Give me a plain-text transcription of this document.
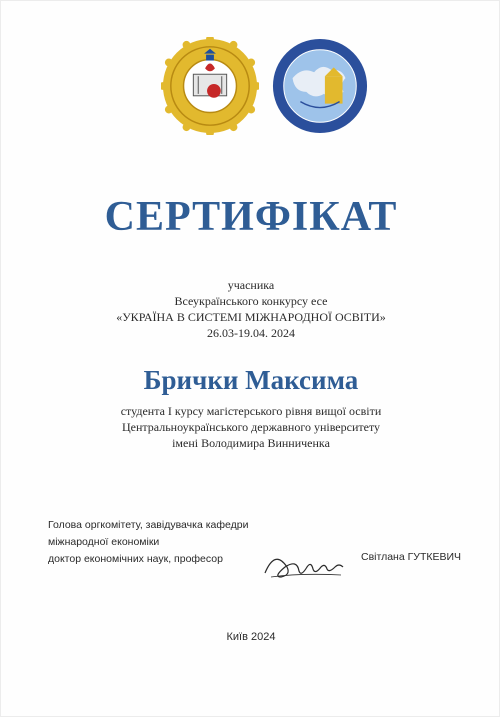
СЕРТИФІКАТ
учасника
Всеукраїнського конкурсу есе
«УКРАЇНА В СИСТЕМІ МІЖНАРОДНОЇ ОСВІТИ»
26.03-19.04. 2024
Брички Максима
студента I курсу магістерського рівня вищої освіти
Центральноукраїнського державного університету
імені Володимира Винниченка
Голова оргкомітету, завідувачка кафедри
міжнародної економіки
доктор економічних наук, професор	Світлана ГУТКЕВИЧ
Київ 2024
